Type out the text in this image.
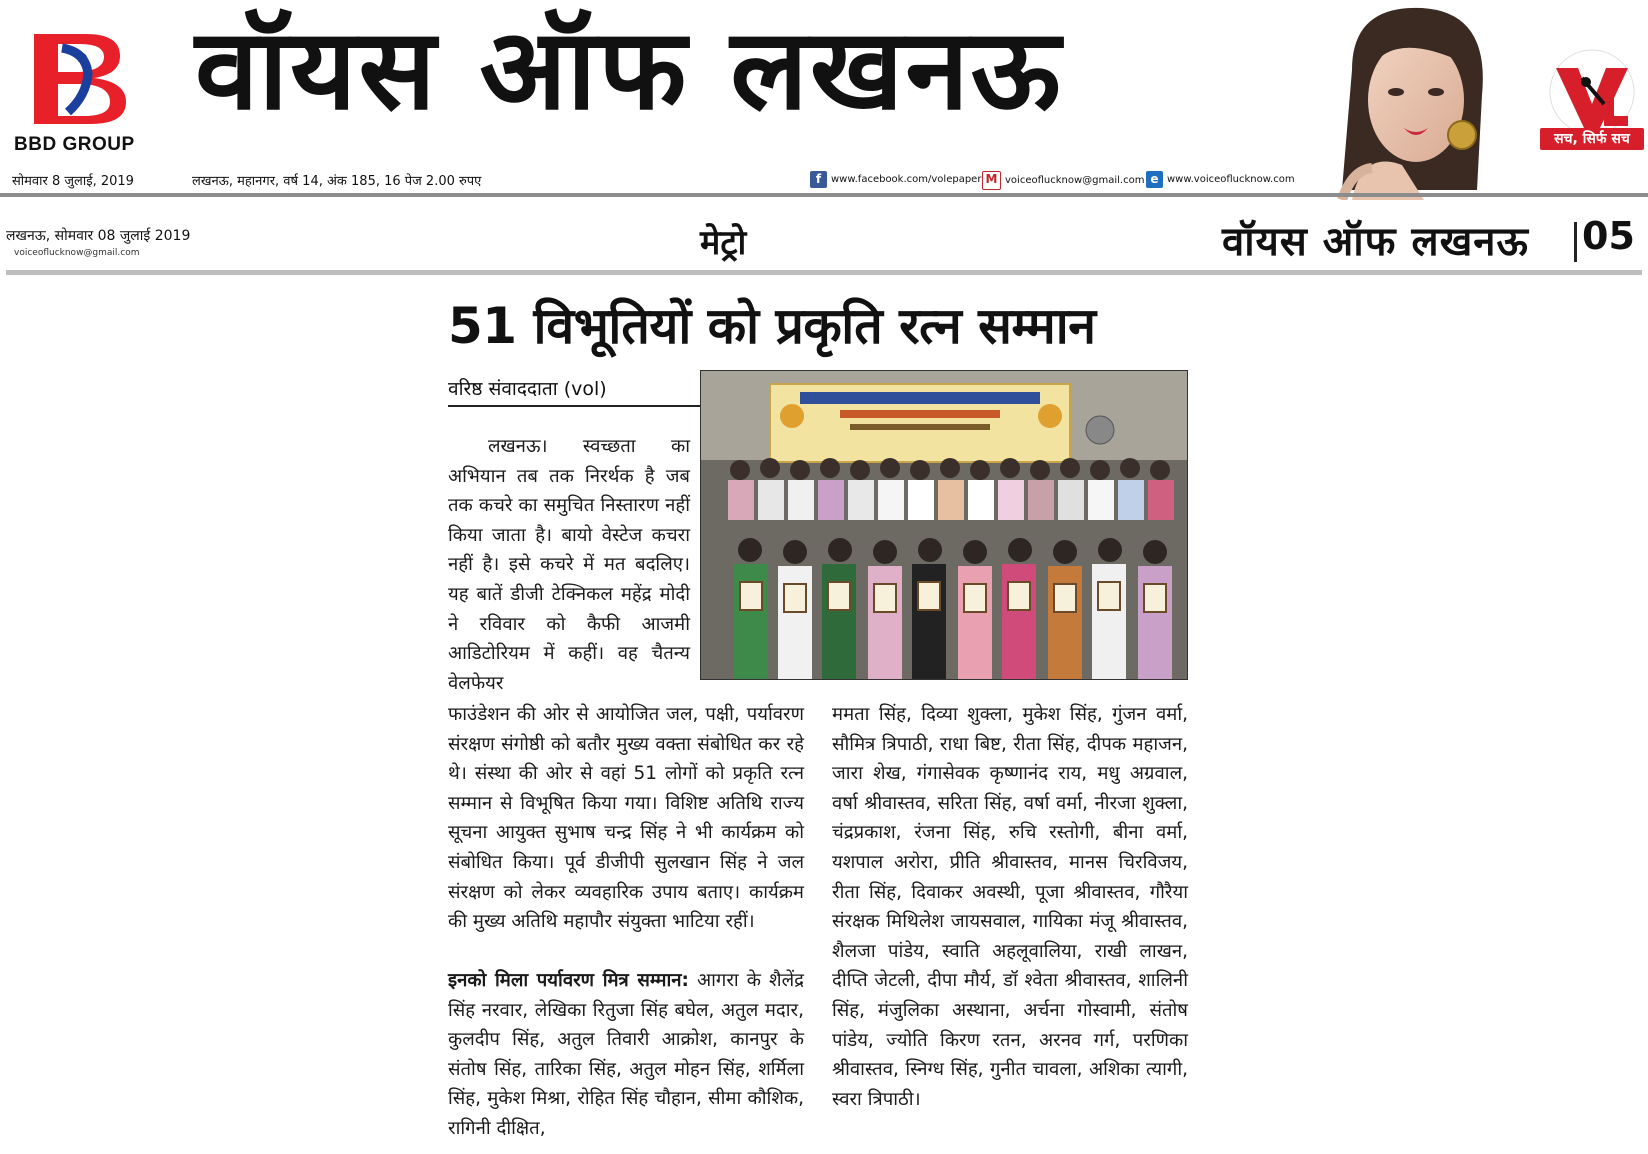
BBD GROUP
वॉयस ऑफ लखनऊ
सच, सिर्फ सच
सोमवार 8 जुलाई, 2019	लखनऊ, महानगर, वर्ष 14, अंक 185, 16 पेज 2.00 रुपए	f www.facebook.com/volepaper M voiceoflucknow@gmail.com e www.voiceoflucknow.com
लखनऊ, सोमवार 08 जुलाई 2019
voiceoflucknow@gmail.com	मेट्रो	वॉयस ऑफ लखनऊ 05
51 विभूतियों को प्रकृति रत्न सम्मान
वरिष्ठ संवाददाता (vol)

लखनऊ। स्वच्छता का अभियान तब तक निरर्थक है जब तक कचरे का समुचित निस्तारण नहीं किया जाता है। बायो वेस्टेज कचरा नहीं है। इसे कचरे में मत बदलिए। यह बातें डीजी टेक्निकल महेंद्र मोदी ने रविवार को कैफी आजमी आडिटोरियम में कहीं। वह चैतन्य वेलफेयर

फाउंडेशन की ओर से आयोजित जल, पक्षी, पर्यावरण संरक्षण संगोष्ठी को बतौर मुख्य वक्ता संबोधित कर रहे थे। संस्था की ओर से वहां 51 लोगों को प्रकृति रत्न सम्मान से विभूषित किया गया। विशिष्ट अतिथि राज्य सूचना आयुक्त सुभाष चन्द्र सिंह ने भी कार्यक्रम को संबोधित किया। पूर्व डीजीपी सुलखान सिंह ने जल संरक्षण को लेकर व्यवहारिक उपाय बताए। कार्यक्रम की मुख्य अतिथि महापौर संयुक्ता भाटिया रहीं।

इनको मिला पर्यावरण मित्र सम्मान: आगरा के शैलेंद्र सिंह नरवार, लेखिका रितुजा सिंह बघेल, अतुल मदार, कुलदीप सिंह, अतुल तिवारी आक्रोश, कानपुर के संतोष सिंह, तारिका सिंह, अतुल मोहन सिंह, शर्मिला सिंह, मुकेश मिश्रा, रोहित सिंह चौहान, सीमा कौशिक, रागिनी दीक्षित,

ममता सिंह, दिव्या शुक्ला, मुकेश सिंह, गुंजन वर्मा, सौमित्र त्रिपाठी, राधा बिष्ट, रीता सिंह, दीपक महाजन, जारा शेख, गंगासेवक कृष्णानंद राय, मधु अग्रवाल, वर्षा श्रीवास्तव, सरिता सिंह, वर्षा वर्मा, नीरजा शुक्ला, चंद्रप्रकाश, रंजना सिंह, रुचि रस्तोगी, बीना वर्मा, यशपाल अरोरा, प्रीति श्रीवास्तव, मानस चिरविजय, रीता सिंह, दिवाकर अवस्थी, पूजा श्रीवास्तव, गौरैया संरक्षक मिथिलेश जायसवाल, गायिका मंजू श्रीवास्तव, शैलजा पांडेय, स्वाति अहलूवालिया, राखी लाखन, दीप्ति जेटली, दीपा मौर्य, डॉ श्वेता श्रीवास्तव, शालिनी सिंह, मंजुलिका अस्थाना, अर्चना गोस्वामी, संतोष पांडेय, ज्योति किरण रतन, अरनव गर्ग, परणिका श्रीवास्तव, स्निग्ध सिंह, गुनीत चावला, अशिका त्यागी, स्वरा त्रिपाठी।
